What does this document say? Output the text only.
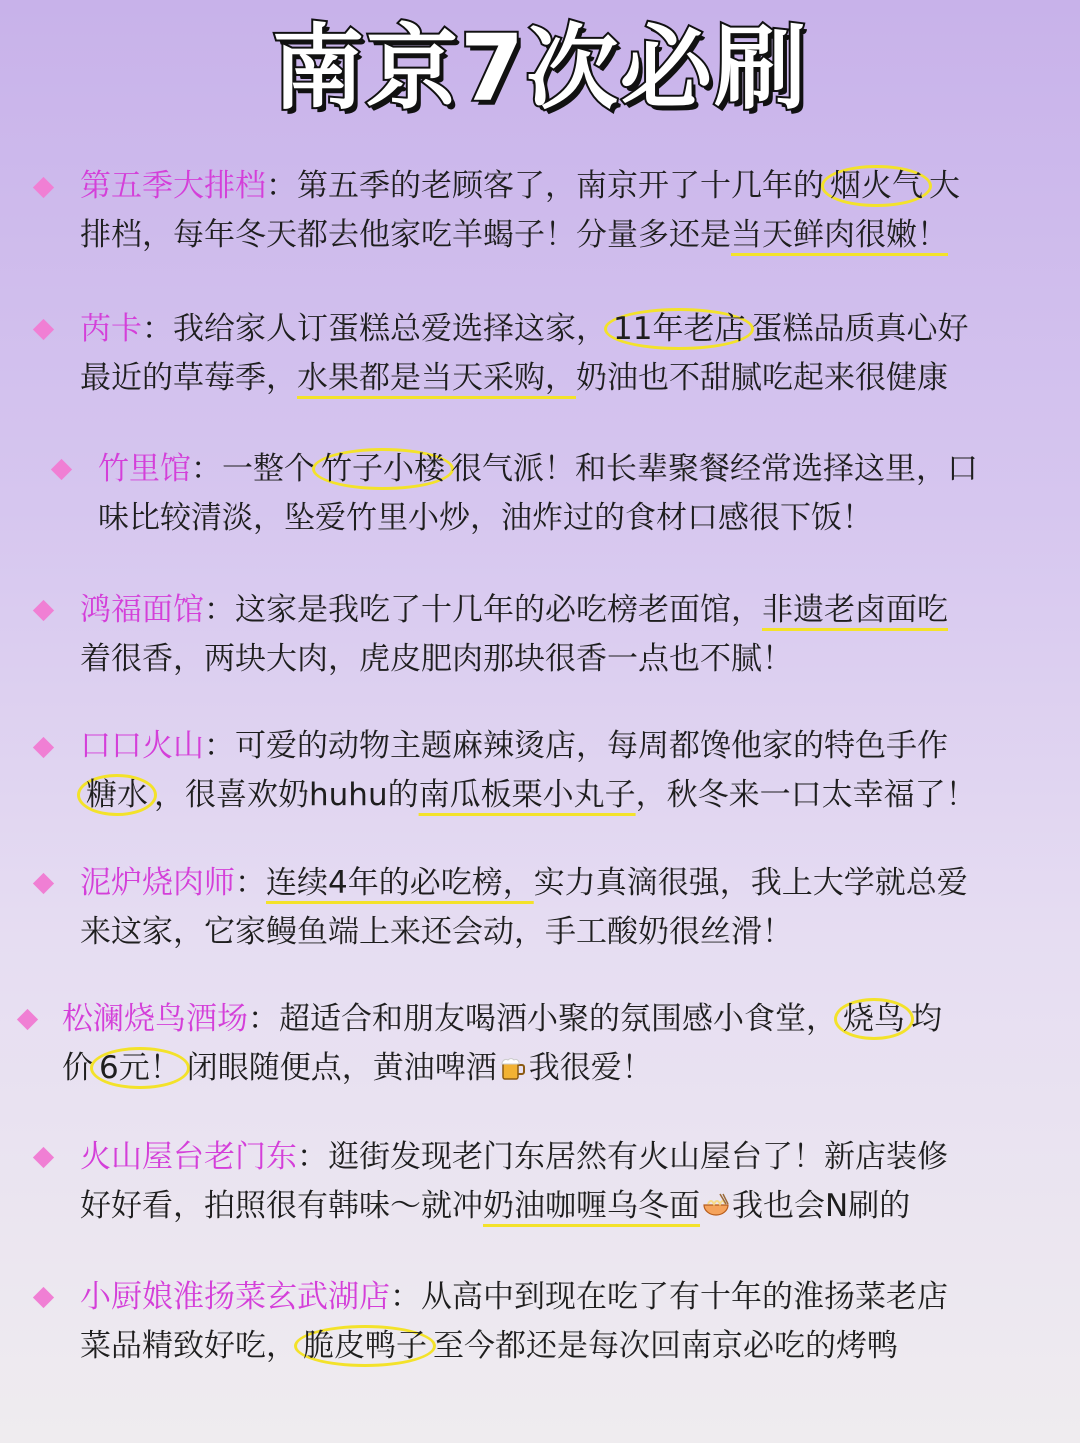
南京7次必刷
第五季大排档：第五季的老顾客了，南京开了十几年的 烟火气 大
排档，每年冬天都去他家吃羊蝎子！分量多还是当天鲜肉很嫩！
芮卡：我给家人订蛋糕总爱选择这家， 11年老店 蛋糕品质真心好
最近的草莓季，水果都是当天采购，奶油也不甜腻吃起来很健康
竹里馆：一整个 竹子小楼 很气派！和长辈聚餐经常选择这里，口
味比较清淡，坠爱竹里小炒，油炸过的食材口感很下饭！
鸿福面馆：这家是我吃了十几年的必吃榜老面馆，非遗老卤面吃
着很香，两块大肉，虎皮肥肉那块很香一点也不腻！
口口火山：可爱的动物主题麻辣烫店，每周都馋他家的特色手作
糖水 ，很喜欢奶huhu的南瓜板栗小丸子，秋冬来一口太幸福了！
泥炉烧肉师：连续4年的必吃榜，实力真滴很强，我上大学就总爱
来这家，它家鳗鱼端上来还会动，手工酸奶很丝滑！
松澜烧鸟酒场：超适合和朋友喝酒小聚的氛围感小食堂， 烧鸟 均
价 6元！ 闭眼随便点，黄油啤酒 我很爱！
火山屋台老门东：逛街发现老门东居然有火山屋台了！新店装修
好好看，拍照很有韩味～就冲奶油咖喱乌冬面 我也会N刷的
小厨娘淮扬菜玄武湖店：从高中到现在吃了有十年的淮扬菜老店
菜品精致好吃， 脆皮鸭子 至今都还是每次回南京必吃的烤鸭
